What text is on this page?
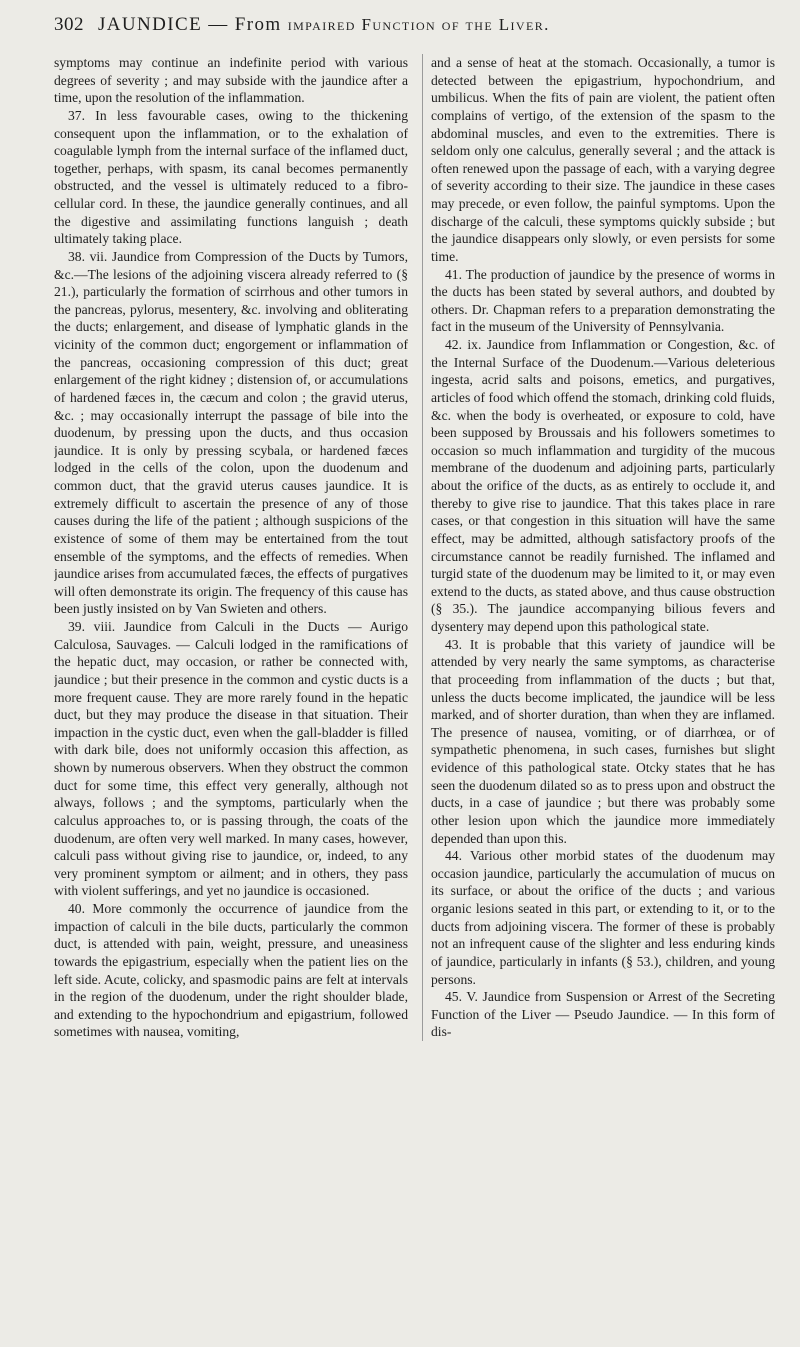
302 JAUNDICE — From impaired Function of the Liver.

symptoms may continue an indefinite period with various degrees of severity ; and may subside with the jaundice after a time, upon the resolution of the inflammation.

37. In less favourable cases, owing to the thickening consequent upon the inflammation, or to the exhalation of coagulable lymph from the internal surface of the inflamed duct, together, perhaps, with spasm, its canal becomes permanently obstructed, and the vessel is ultimately reduced to a fibro-cellular cord. In these, the jaundice generally continues, and all the digestive and assimilating functions languish ; death ultimately taking place.

38. vii. Jaundice from Compression of the Ducts by Tumors, &c.—The lesions of the adjoining viscera already referred to (§ 21.), particularly the formation of scirrhous and other tumors in the pancreas, pylorus, mesentery, &c. involving and obliterating the ducts; enlargement, and disease of lymphatic glands in the vicinity of the common duct; engorgement or inflammation of the pancreas, occasioning compression of this duct; great enlargement of the right kidney ; distension of, or accumulations of hardened fæces in, the cæcum and colon ; the gravid uterus, &c. ; may occasionally interrupt the passage of bile into the duodenum, by pressing upon the ducts, and thus occasion jaundice. It is only by pressing scybala, or hardened fæces lodged in the cells of the colon, upon the duodenum and common duct, that the gravid uterus causes jaundice. It is extremely difficult to ascertain the presence of any of those causes during the life of the patient ; although suspicions of the existence of some of them may be entertained from the tout ensemble of the symptoms, and the effects of remedies. When jaundice arises from accumulated fæces, the effects of purgatives will often demonstrate its origin. The frequency of this cause has been justly insisted on by Van Swieten and others.

39. viii. Jaundice from Calculi in the Ducts — Aurigo Calculosa, Sauvages. — Calculi lodged in the ramifications of the hepatic duct, may occasion, or rather be connected with, jaundice ; but their presence in the common and cystic ducts is a more frequent cause. They are more rarely found in the hepatic duct, but they may produce the disease in that situation. Their impaction in the cystic duct, even when the gall-bladder is filled with dark bile, does not uniformly occasion this affection, as shown by numerous observers. When they obstruct the common duct for some time, this effect very generally, although not always, follows ; and the symptoms, particularly when the calculus approaches to, or is passing through, the coats of the duodenum, are often very well marked. In many cases, however, calculi pass without giving rise to jaundice, or, indeed, to any very prominent symptom or ailment; and in others, they pass with violent sufferings, and yet no jaundice is occasioned.

40. More commonly the occurrence of jaundice from the impaction of calculi in the bile ducts, particularly the common duct, is attended with pain, weight, pressure, and uneasiness towards the epigastrium, especially when the patient lies on the left side. Acute, colicky, and spasmodic pains are felt at intervals in the region of the duodenum, under the right shoulder blade, and extending to the hypochondrium and epigastrium, followed sometimes with nausea, vomiting,

and a sense of heat at the stomach. Occasionally, a tumor is detected between the epigastrium, hypochondrium, and umbilicus. When the fits of pain are violent, the patient often complains of vertigo, of the extension of the spasm to the abdominal muscles, and even to the extremities. There is seldom only one calculus, generally several ; and the attack is often renewed upon the passage of each, with a varying degree of severity according to their size. The jaundice in these cases may precede, or even follow, the painful symptoms. Upon the discharge of the calculi, these symptoms quickly subside ; but the jaundice disappears only slowly, or even persists for some time.

41. The production of jaundice by the presence of worms in the ducts has been stated by several authors, and doubted by others. Dr. Chapman refers to a preparation demonstrating the fact in the museum of the University of Pennsylvania.

42. ix. Jaundice from Inflammation or Congestion, &c. of the Internal Surface of the Duodenum.—Various deleterious ingesta, acrid salts and poisons, emetics, and purgatives, articles of food which offend the stomach, drinking cold fluids, &c. when the body is overheated, or exposure to cold, have been supposed by Broussais and his followers sometimes to occasion so much inflammation and turgidity of the mucous membrane of the duodenum and adjoining parts, particularly about the orifice of the ducts, as as entirely to occlude it, and thereby to give rise to jaundice. That this takes place in rare cases, or that congestion in this situation will have the same effect, may be admitted, although satisfactory proofs of the circumstance cannot be readily furnished. The inflamed and turgid state of the duodenum may be limited to it, or may even extend to the ducts, as stated above, and thus cause obstruction (§ 35.). The jaundice accompanying bilious fevers and dysentery may depend upon this pathological state.

43. It is probable that this variety of jaundice will be attended by very nearly the same symptoms, as characterise that proceeding from inflammation of the ducts ; but that, unless the ducts become implicated, the jaundice will be less marked, and of shorter duration, than when they are inflamed. The presence of nausea, vomiting, or of diarrhœa, or of sympathetic phenomena, in such cases, furnishes but slight evidence of this pathological state. Otcky states that he has seen the duodenum dilated so as to press upon and obstruct the ducts, in a case of jaundice ; but there was probably some other lesion upon which the jaundice more immediately depended than upon this.

44. Various other morbid states of the duodenum may occasion jaundice, particularly the accumulation of mucus on its surface, or about the orifice of the ducts ; and various organic lesions seated in this part, or extending to it, or to the ducts from adjoining viscera. The former of these is probably not an infrequent cause of the slighter and less enduring kinds of jaundice, particularly in infants (§ 53.), children, and young persons.

45. V. Jaundice from Suspension or Arrest of the Secreting Function of the Liver — Pseudo Jaundice. — In this form of dis-
